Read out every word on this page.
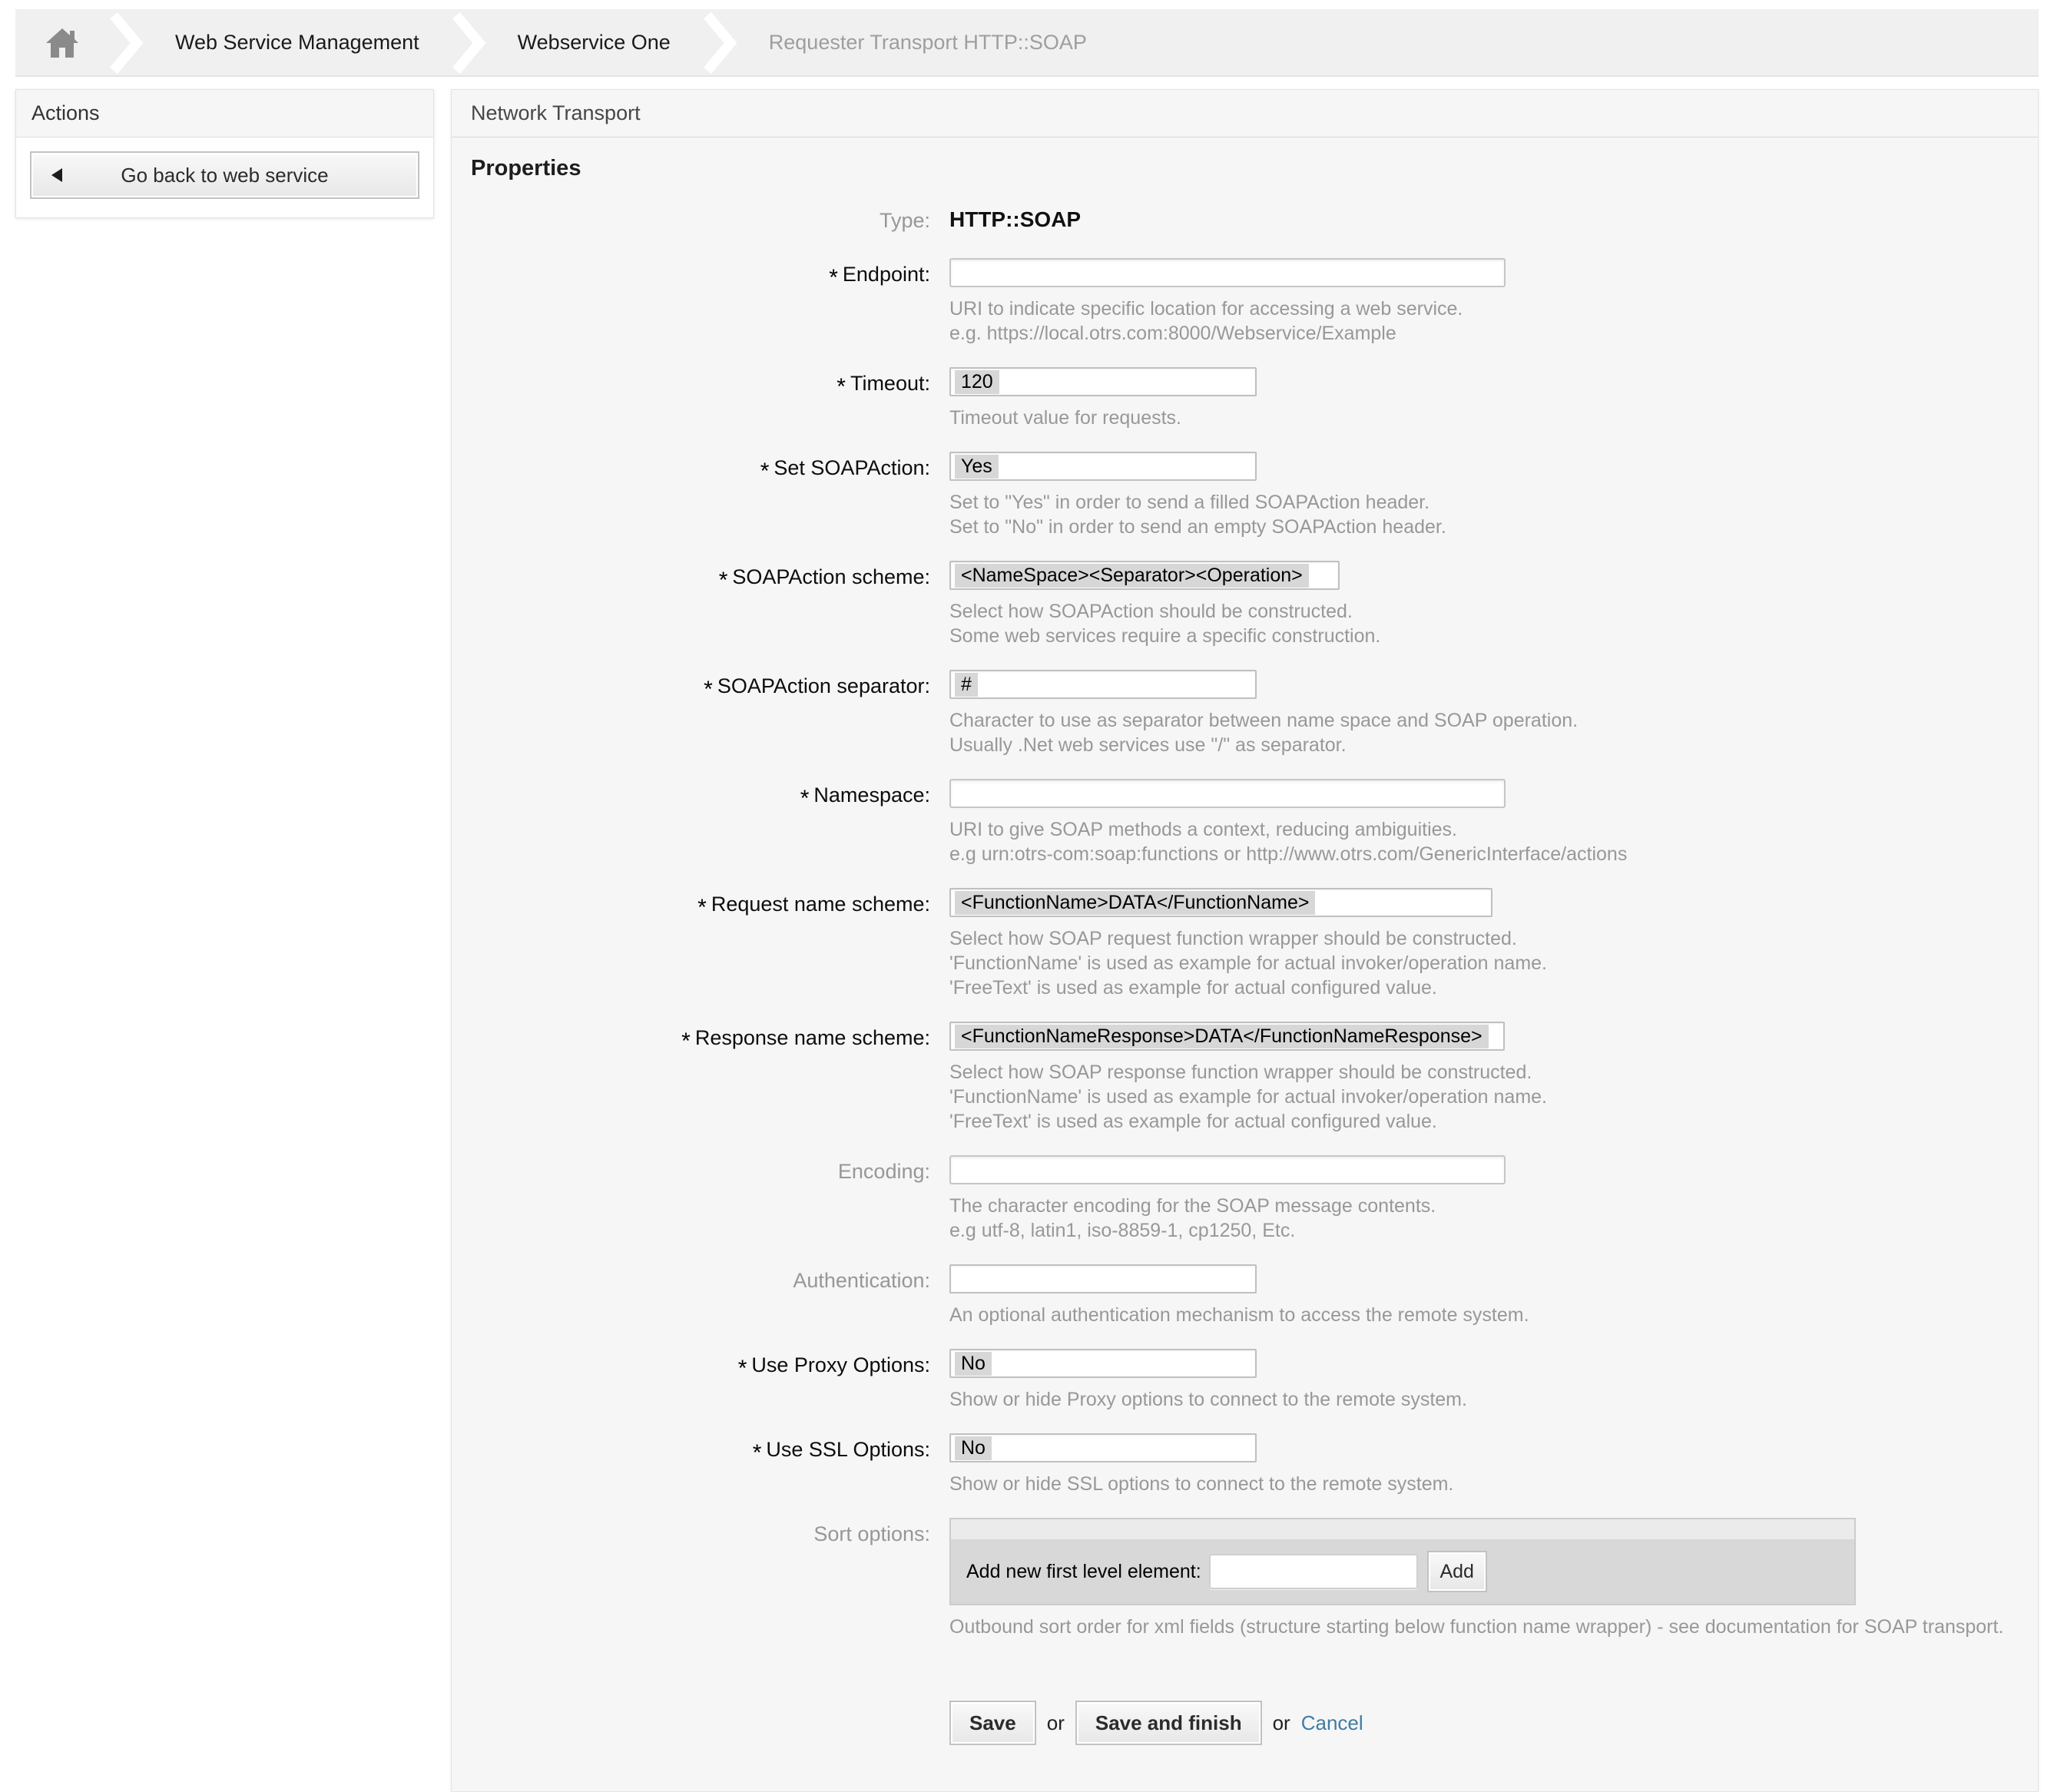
Web Service Management	Webservice One	Requester Transport HTTP::SOAP
Actions
Go back to web service
Network Transport
Properties
Type: HTTP::SOAP
* Endpoint:
URI to indicate specific location for accessing a web service.
e.g. https://local.otrs.com:8000/Webservice/Example
* Timeout:	120
Timeout value for requests.
* Set SOAPAction:	Yes
Set to "Yes" in order to send a filled SOAPAction header.
Set to "No" in order to send an empty SOAPAction header.
* SOAPAction scheme:	<NameSpace><Separator><Operation>
Select how SOAPAction should be constructed.
Some web services require a specific construction.
* SOAPAction separator:	#
Character to use as separator between name space and SOAP operation.
Usually .Net web services use "/" as separator.
* Namespace:
URI to give SOAP methods a context, reducing ambiguities.
e.g urn:otrs-com:soap:functions or http://www.otrs.com/GenericInterface/actions
* Request name scheme:	<FunctionName>DATA</FunctionName>
Select how SOAP request function wrapper should be constructed.
'FunctionName' is used as example for actual invoker/operation name.
'FreeText' is used as example for actual configured value.
* Response name scheme:	<FunctionNameResponse>DATA</FunctionNameResponse>
Select how SOAP response function wrapper should be constructed.
'FunctionName' is used as example for actual invoker/operation name.
'FreeText' is used as example for actual configured value.
Encoding:
The character encoding for the SOAP message contents.
e.g utf-8, latin1, iso-8859-1, cp1250, Etc.
Authentication:
An optional authentication mechanism to access the remote system.
* Use Proxy Options:	No
Show or hide Proxy options to connect to the remote system.
* Use SSL Options:	No
Show or hide SSL options to connect to the remote system.
Sort options:
Add new first level element:	Add
Outbound sort order for xml fields (structure starting below function name wrapper) - see documentation for SOAP transport.
Save	or	Save and finish	or Cancel
